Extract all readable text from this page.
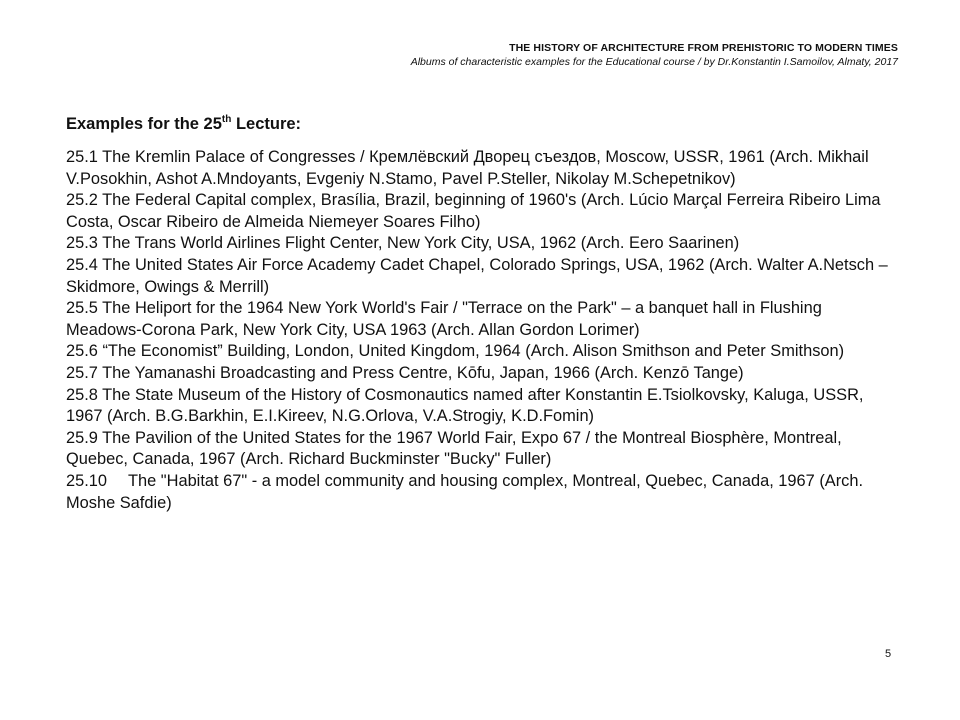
THE HISTORY OF ARCHITECTURE FROM PREHISTORIC TO MODERN TIMES
Albums of characteristic examples for the Educational course / by Dr.Konstantin I.Samoilov, Almaty, 2017
Examples for the 25th Lecture:
25.1 The Kremlin Palace of Congresses / Кремлёвский Дворец съездов, Moscow, USSR, 1961 (Arch. Mikhail V.Posokhin, Ashot A.Mndoyants, Evgeniy N.Stamo, Pavel P.Steller, Nikolay M.Schepetnikov)
25.2 The Federal Capital complex, Brasília, Brazil, beginning of 1960's (Arch. Lúcio Marçal Ferreira Ribeiro Lima Costa, Oscar Ribeiro de Almeida Niemeyer Soares Filho)
25.3 The Trans World Airlines Flight Center, New York City, USA, 1962 (Arch. Eero Saarinen)
25.4 The United States Air Force Academy Cadet Chapel, Colorado Springs, USA, 1962 (Arch. Walter A.Netsch – Skidmore, Owings & Merrill)
25.5 The Heliport for the 1964 New York World's Fair / "Terrace on the Park" – a banquet hall in Flushing Meadows-Corona Park, New York City, USA 1963 (Arch. Allan Gordon Lorimer)
25.6 “The Economist” Building, London, United Kingdom, 1964 (Arch. Alison Smithson and Peter Smithson)
25.7 The Yamanashi Broadcasting and Press Centre, Kōfu, Japan, 1966 (Arch. Kenzō Tange)
25.8 The State Museum of the History of Cosmonautics named after Konstantin E.Tsiolkovsky, Kaluga, USSR, 1967 (Arch. B.G.Barkhin, E.I.Kireev, N.G.Orlova, V.A.Strogiy, K.D.Fomin)
25.9 The Pavilion of the United States for the 1967 World Fair, Expo 67 / the Montreal Biosphère, Montreal, Quebec, Canada, 1967 (Arch. Richard Buckminster "Bucky" Fuller)
25.10 The "Habitat 67" - a model community and housing complex, Montreal, Quebec, Canada, 1967 (Arch. Moshe Safdie)
5
